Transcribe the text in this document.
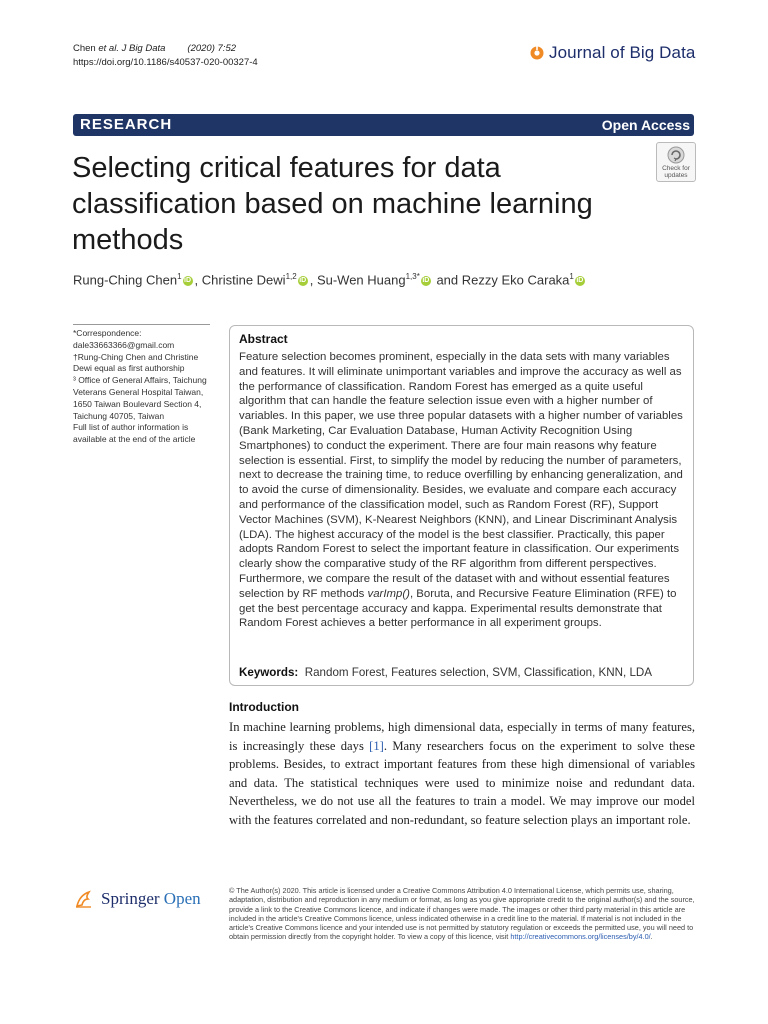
Chen et al. J Big Data (2020) 7:52
https://doi.org/10.1186/s40537-020-00327-4
Journal of Big Data
RESEARCH	Open Access
Selecting critical features for data classification based on machine learning methods
Check for updates
Rung-Ching Chen$^1$ iD , Christine Dewi$^{1,2}$ iD , Su-Wen Huang$^{1,3*}$ iD and Rezzy Eko Caraka$^1$ iD
*Correspondence:
dale33663366@gmail.com
†Rung-Ching Chen and Christine Dewi equal as first authorship
³ Office of General Affairs, Taichung Veterans General Hospital Taiwan, 1650 Taiwan Boulevard Section 4, Taichung 40705, Taiwan
Full list of author information is available at the end of the article
Abstract
Feature selection becomes prominent, especially in the data sets with many variables and features. It will eliminate unimportant variables and improve the accuracy as well as the performance of classification. Random Forest has emerged as a quite useful algorithm that can handle the feature selection issue even with a higher number of variables. In this paper, we use three popular datasets with a higher number of variables (Bank Marketing, Car Evaluation Database, Human Activity Recognition Using Smartphones) to conduct the experiment. There are four main reasons why feature selection is essential. First, to simplify the model by reducing the number of parameters, next to decrease the training time, to reduce overfilling by enhancing generalization, and to avoid the curse of dimensionality. Besides, we evaluate and compare each accuracy and performance of the classification model, such as Random Forest (RF), Support Vector Machines (SVM), K-Nearest Neighbors (KNN), and Linear Discriminant Analysis (LDA). The highest accuracy of the model is the best classifier. Practically, this paper adopts Random Forest to select the important feature in classification. Our experiments clearly show the comparative study of the RF algorithm from different perspectives. Furthermore, we compare the result of the dataset with and without essential features selection by RF methods varImp(), Boruta, and Recursive Feature Elimination (RFE) to get the best percentage accuracy and kappa. Experimental results demonstrate that Random Forest achieves a better performance in all experiment groups.
Keywords: Random Forest, Features selection, SVM, Classification, KNN, LDA
Introduction
In machine learning problems, high dimensional data, especially in terms of many features, is increasingly these days [1]. Many researchers focus on the experiment to solve these problems. Besides, to extract important features from these high dimensional of variables and data. The statistical techniques were used to minimize noise and redundant data. Nevertheless, we do not use all the features to train a model. We may improve our model with the features correlated and non-redundant, so feature selection plays an important role.
Springer Open	© The Author(s) 2020. This article is licensed under a Creative Commons Attribution 4.0 International License, which permits use, sharing, adaptation, distribution and reproduction in any medium or format, as long as you give appropriate credit to the original author(s) and the source, provide a link to the Creative Commons licence, and indicate if changes were made. The images or other third party material in this article are included in the article's Creative Commons licence, unless indicated otherwise in a credit line to the material. If material is not included in the article's Creative Commons licence and your intended use is not permitted by statutory regulation or exceeds the permitted use, you will need to obtain permission directly from the copyright holder. To view a copy of this licence, visit http://creativecommons.org/licenses/by/4.0/.
